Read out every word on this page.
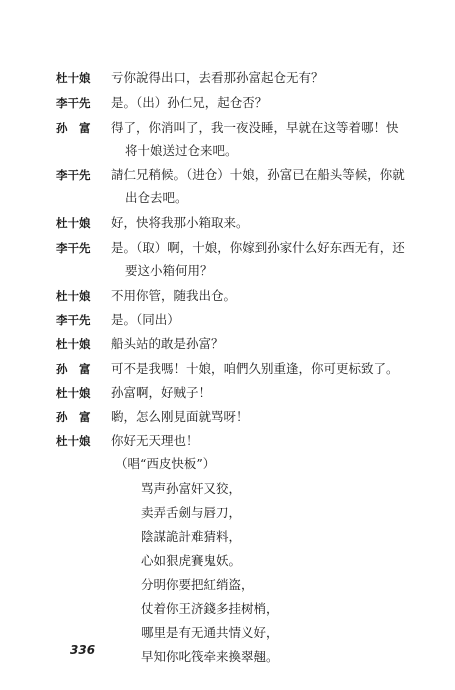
杜十娘	亏你說得出口，去看那孙富起仓无有？
李干先	是。（出）孙仁兄，起仓否？
孙　富	得了，你消叫了，我一夜没睡，早就在这等着哪！快
将十娘送过仓来吧。
李干先	請仁兄稍候。（进仓）十娘，孙富已在船头等候，你就
出仓去吧。
杜十娘	好，快将我那小箱取来。
李干先	是。（取）啊，十娘，你嫁到孙家什么好东西无有，还
要这小箱何用？
杜十娘	不用你管，随我出仓。
李干先	是。（同出）
杜十娘	船头站的敢是孙富？
孙　富	可不是我嗎！十娘，咱們久别重逢，你可更标致了。
杜十娘	孙富啊，好贼子！
孙　富	喲，怎么刚見面就骂呀！
杜十娘	你好无天理也！
（唱“西皮快板”）
骂声孙富奸又狡，
卖弄舌劍与唇刀，
陰謀詭計难猜料，
心如狠虎賽鬼妖。
分明你要把紅绡盗，
仗着你王济錢多挂树梢，
哪里是有无通共情义好，
早知你叱筏牵来換翠翹。
336
